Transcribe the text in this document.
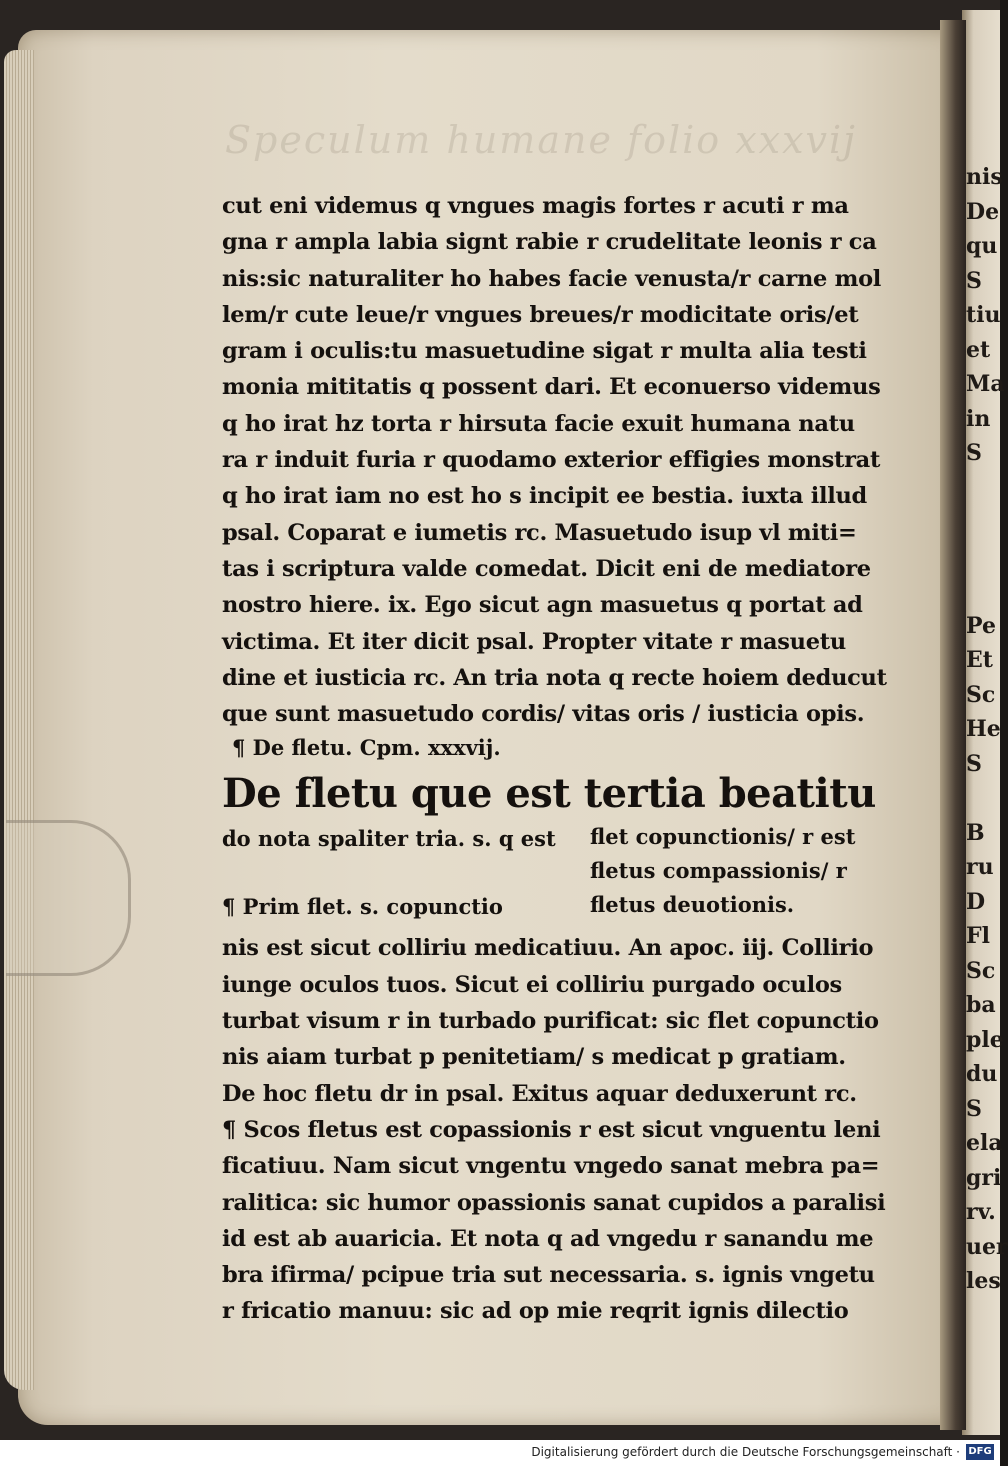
nis
De
qu
S
tiu
et
Ma
in
S
Pe
Et
Sc
He
S
B
ru
D
Fl
Sc
ba
ple
du
S
ela
gri
rv.
uer
les
Speculum humane folio xxxvij
cut eni videmus q vngues magis fortes r acuti r ma
gna r ampla labia signt rabie r crudelitate leonis r ca
nis:sic naturaliter ho habes facie venusta/r carne mol
lem/r cute leue/r vngues breues/r modicitate oris/et
gram i oculis:tu masuetudine sigat r multa alia testi
monia mititatis q possent dari. Et econuerso videmus
q ho irat hz torta r hirsuta facie exuit humana natu
ra r induit furia r quodamo exterior effigies monstrat
q ho irat iam no est ho s incipit ee bestia. iuxta illud
psal. Coparat e iumetis rc. Masuetudo isup vl miti=
tas i scriptura valde comedat. Dicit eni de mediatore
nostro hiere. ix. Ego sicut agn masuetus q portat ad
victima. Et iter dicit psal. Propter vitate r masuetu
dine et iusticia rc. An tria nota q recte hoiem deducut
que sunt masuetudo cordis/ vitas oris / iusticia opis.
¶ De fletu. Cpm. xxxvij.
De fletu que est tertia beatitu
do nota spaliter tria. s. q est flet copunctionis/ r est
fletus compassionis/ r
fletus deuotionis.
¶ Prim flet. s. copunctio
nis est sicut colliriu medicatiuu. An apoc. iij. Collirio
iunge oculos tuos. Sicut ei colliriu purgado oculos
turbat visum r in turbado purificat: sic flet copunctio
nis aiam turbat p penitetiam/ s medicat p gratiam.
De hoc fletu dr in psal. Exitus aquar deduxerunt rc.
¶ Scos fletus est copassionis r est sicut vnguentu leni
ficatiuu. Nam sicut vngentu vngedo sanat mebra pa=
ralitica: sic humor opassionis sanat cupidos a paralisi
id est ab auaricia. Et nota q ad vngedu r sanandu me
bra ifirma/ pcipue tria sut necessaria. s. ignis vngetu
r fricatio manuu: sic ad op mie reqrit ignis dilectio
Digitalisierung gefördert durch die Deutsche Forschungsgemeinschaft · DFG
